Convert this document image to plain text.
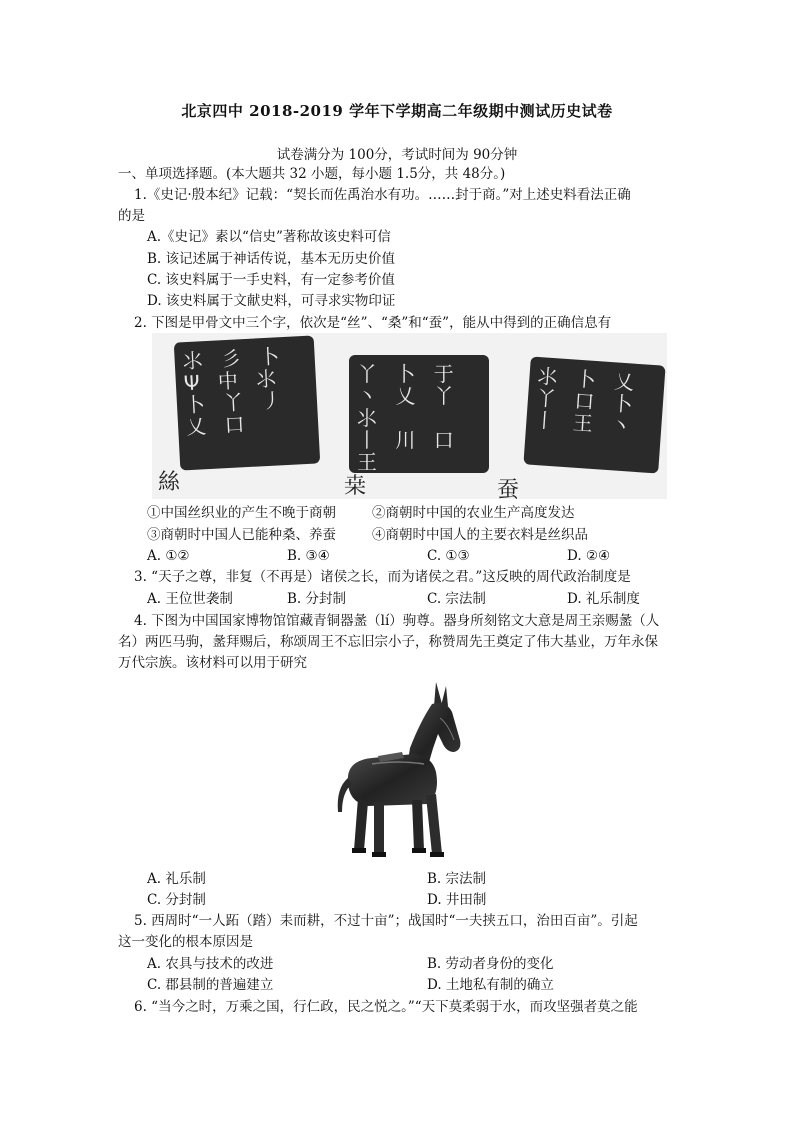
北京四中 2018-2019 学年下学期高二年级期中测试历史试卷
试卷满分为 100分，考试时间为 90分钟
一、单项选择题。(本大题共 32 小题，每小题 1.5分，共 48分。)
1.《史记·殷本纪》记载：“契长而佐禹治水有功。……封于商。”对上述史料看法正确
的是
A.《史记》素以“信史”著称故该史料可信
B. 该记述属于神话传说，基本无历史价值
C. 该史料属于一手史料，有一定参考价值
D. 该史料属于文献史料，可寻求实物印证
2. 下图是甲骨文中三个字，依次是“丝”、“桑”和“蚕”，能从中得到的正确信息有
⺢ 彡 卜
Ψ 中 ⺢
卜 丫 ⼃
乂 口
丫 卜 于
丶 乂 丫 ⺢
⼁ 川 口 王

⺢ 卜 乂
丫 口 卜
⼁ 王 丶
絲	桒	蚕
①中国丝织业的产生不晚于商朝	②商朝时中国的农业生产高度发达
③商朝时中国人已能种桑、养蚕	④商朝时中国人的主要衣料是丝织品
A. ①②	B. ③④	C. ①③	D. ②④
3. “天子之尊，非复（不再是）诸侯之长，而为诸侯之君。”这反映的周代政治制度是
A. 王位世袭制	B. 分封制	C. 宗法制	D. 礼乐制度
4. 下图为中国国家博物馆馆藏青铜器盠（lí）驹尊。器身所刻铭文大意是周王亲赐盠（人
名）两匹马驹，盠拜赐后，称颂周王不忘旧宗小子，称赞周先王奠定了伟大基业，万年永保
万代宗族。该材料可以用于研究
A. 礼乐制	B. 宗法制
C. 分封制	D. 井田制
5. 西周时“一人跖（踏）耒而耕，不过十亩”；战国时“一夫挟五口，治田百亩”。引起
这一变化的根本原因是
A. 农具与技术的改进	B. 劳动者身份的变化
C. 郡县制的普遍建立	D. 土地私有制的确立
6. “当今之时，万乘之国，行仁政，民之悦之。”“天下莫柔弱于水，而攻坚强者莫之能
